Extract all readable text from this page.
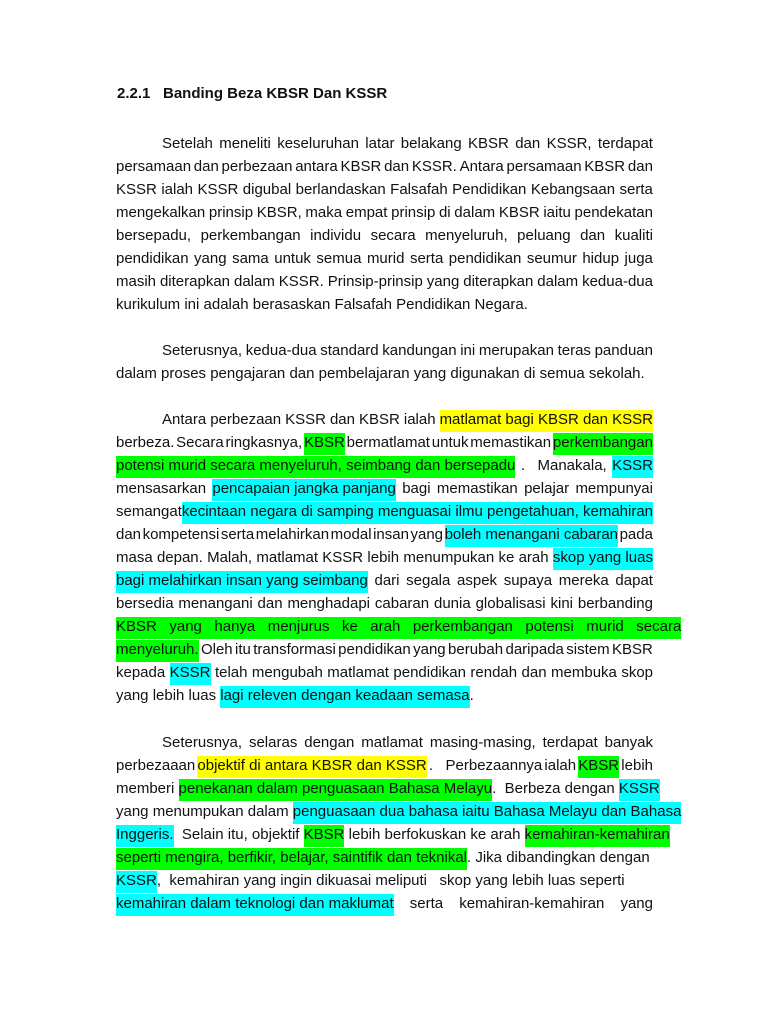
2.2.1 Banding Beza KBSR Dan KSSR
Setelah meneliti keseluruhan latar belakang KBSR dan KSSR, terdapat
persamaan dan perbezaan antara KBSR dan KSSR. Antara persamaan KBSR dan
KSSR ialah KSSR digubal berlandaskan Falsafah Pendidikan Kebangsaan serta
mengekalkan prinsip KBSR, maka empat prinsip di dalam KBSR iaitu pendekatan
bersepadu, perkembangan individu secara menyeluruh, peluang dan kualiti
pendidikan yang sama untuk semua murid serta pendidikan seumur hidup juga
masih diterapkan dalam KSSR. Prinsip-prinsip yang diterapkan dalam kedua-dua
kurikulum ini adalah berasaskan Falsafah Pendidikan Negara.
Seterusnya, kedua-dua standard kandungan ini merupakan teras panduan
dalam proses pengajaran dan pembelajaran yang digunakan di semua sekolah.
Antara perbezaan KSSR dan KBSR ialah matlamat bagi KBSR dan KSSR
berbeza. Secara ringkasnya, KBSR bermatlamat untuk memastikan perkembangan
potensi murid secara menyeluruh, seimbang dan bersepadu .   Manakala, KSSR
mensasarkan pencapaian jangka panjang bagi memastikan pelajar mempunyai
semangat kecintaan negara di samping menguasai ilmu pengetahuan, kemahiran
dan kompetensi serta melahirkan modal insan yang boleh menangani cabaran pada
masa depan. Malah, matlamat KSSR lebih menumpukan ke arah skop yang luas
bagi melahirkan insan yang seimbang dari segala aspek supaya mereka dapat
bersedia menangani dan menghadapi cabaran dunia globalisasi kini berbanding
KBSR   yang   hanya   menjurus   ke   arah   perkembangan   potensi   murid   secara
menyeluruh. Oleh itu transformasi pendidikan yang berubah daripada sistem KBSR
kepada KSSR telah mengubah matlamat pendidikan rendah dan membuka skop
yang lebih luas lagi releven dengan keadaan semasa .
Seterusnya, selaras dengan matlamat masing-masing, terdapat banyak
perbezaaan objektif di antara KBSR dan KSSR .   Perbezaannya ialah KBSR lebih
memberi penekanan dalam penguasaan Bahasa Melayu .  Berbeza dengan KSSR
yang menumpukan dalam penguasaan dua bahasa iaitu Bahasa Melayu dan Bahasa
Inggeris. Selain itu, objektif KBSR lebih berfokuskan ke arah kemahiran-kemahiran
seperti mengira, berfikir, belajar, saintifik dan teknikal . Jika dibandingkan dengan
KSSR ,  kemahiran yang ingin dikuasai meliputi   skop yang lebih luas seperti
kemahiran dalam teknologi dan maklumat serta kemahiran-kemahiran yang
